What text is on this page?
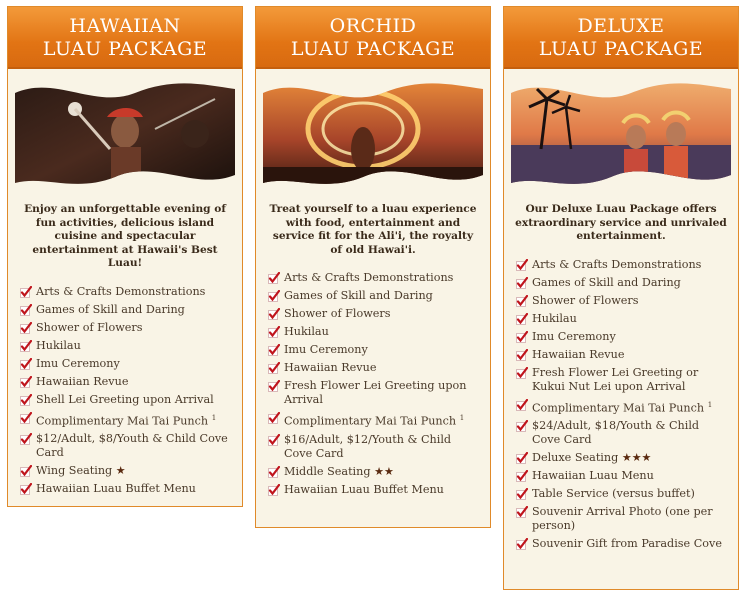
HAWAIIAN
LUAU PACKAGE
Enjoy an unforgettable evening of fun activities, delicious island cuisine and spectacular entertainment at Hawaii's Best Luau!
Arts & Crafts Demonstrations
Games of Skill and Daring
Shower of Flowers
Hukilau
Imu Ceremony
Hawaiian Revue
Shell Lei Greeting upon Arrival
Complimentary Mai Tai Punch $^1$
$12/Adult, $8/Youth & Child Cove Card
Wing Seating ★
Hawaiian Luau Buffet Menu
ORCHID
LUAU PACKAGE
Treat yourself to a luau experience with food, entertainment and service fit for the Ali'i, the royalty of old Hawai'i.
Arts & Crafts Demonstrations
Games of Skill and Daring
Shower of Flowers
Hukilau
Imu Ceremony
Hawaiian Revue
Fresh Flower Lei Greeting upon Arrival
Complimentary Mai Tai Punch $^1$
$16/Adult, $12/Youth & Child Cove Card
Middle Seating ★★
Hawaiian Luau Buffet Menu
DELUXE
LUAU PACKAGE
Our Deluxe Luau Package offers extraordinary service and unrivaled entertainment.
Arts & Crafts Demonstrations
Games of Skill and Daring
Shower of Flowers
Hukilau
Imu Ceremony
Hawaiian Revue
Fresh Flower Lei Greeting or Kukui Nut Lei upon Arrival
Complimentary Mai Tai Punch $^1$
$24/Adult, $18/Youth & Child Cove Card
Deluxe Seating ★★★
Hawaiian Luau Menu
Table Service (versus buffet)
Souvenir Arrival Photo (one per person)
Souvenir Gift from Paradise Cove
